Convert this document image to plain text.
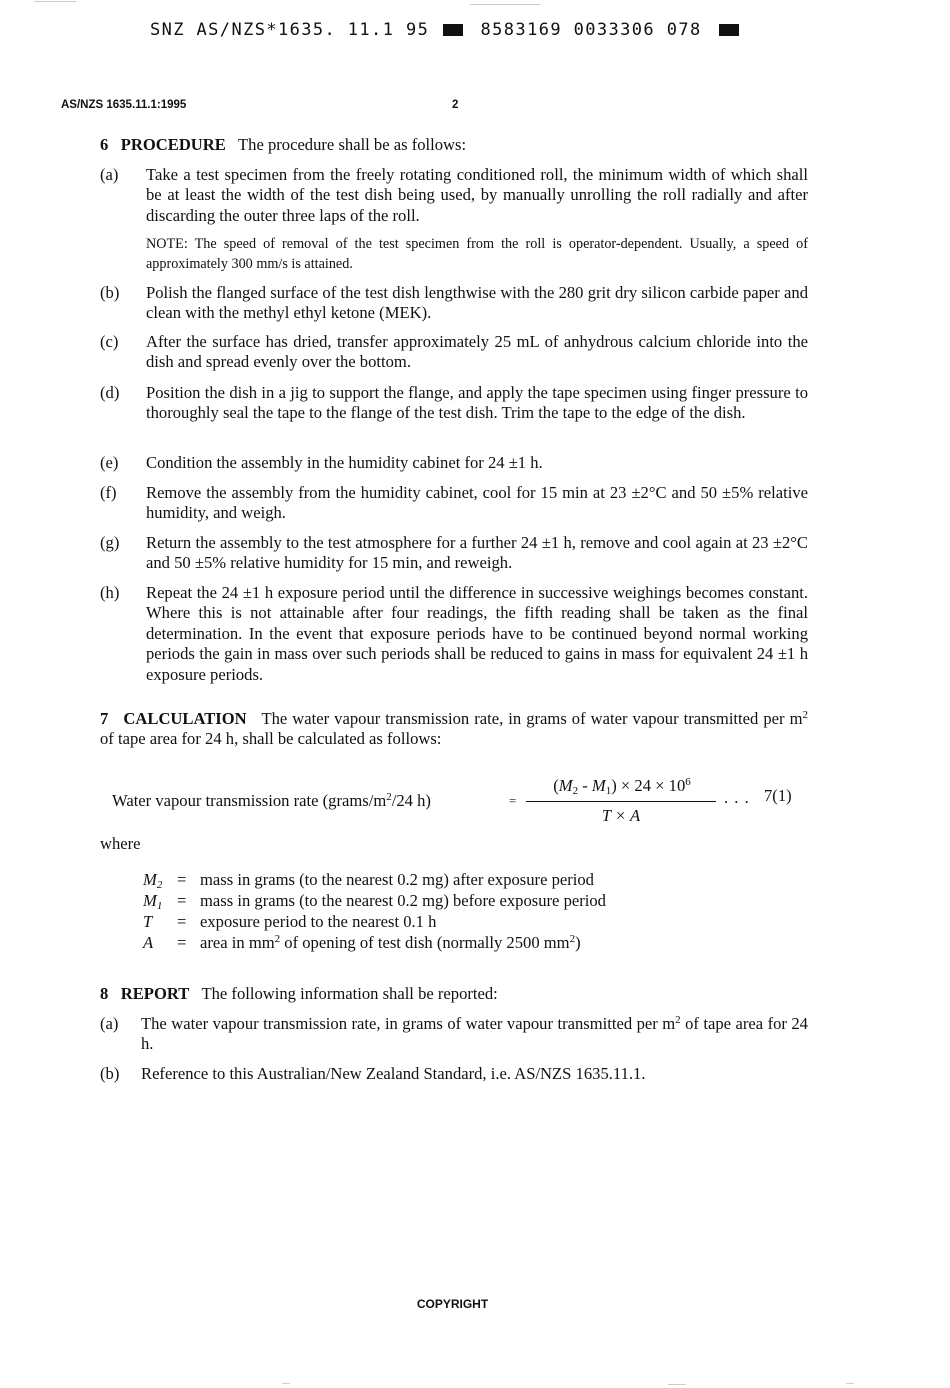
SNZ AS/NZS*1635. 11.1 95	8583169 0033306 078
AS/NZS 1635.11.1:1995	2
6 PROCEDURE The procedure shall be as follows:
(a) Take a test specimen from the freely rotating conditioned roll, the minimum width of which shall be at least the width of the test dish being used, by manually unrolling the roll radially and after discarding the outer three laps of the roll.
NOTE: The speed of removal of the test specimen from the roll is operator-dependent. Usually, a speed of approximately 300 mm/s is attained.
(b) Polish the flanged surface of the test dish lengthwise with the 280 grit dry silicon carbide paper and clean with the methyl ethyl ketone (MEK).
(c) After the surface has dried, transfer approximately 25 mL of anhydrous calcium chloride into the dish and spread evenly over the bottom.
(d) Position the dish in a jig to support the flange, and apply the tape specimen using finger pressure to thoroughly seal the tape to the flange of the test dish. Trim the tape to the edge of the dish.
(e) Condition the assembly in the humidity cabinet for 24 ±1 h.
(f) Remove the assembly from the humidity cabinet, cool for 15 min at 23 ±2°C and 50 ±5% relative humidity, and weigh.
(g) Return the assembly to the test atmosphere for a further 24 ±1 h, remove and cool again at 23 ±2°C and 50 ±5% relative humidity for 15 min, and reweigh.
(h) Repeat the 24 ±1 h exposure period until the difference in successive weighings becomes constant. Where this is not attainable after four readings, the fifth reading shall be taken as the final determination. In the event that exposure periods have to be continued beyond normal working periods the gain in mass over such periods shall be reduced to gains in mass for equivalent 24 ±1 h exposure periods.
7 CALCULATION The water vapour transmission rate, in grams of water vapour transmitted per $m^2$ of tape area for 24 h, shall be calculated as follows:
Water vapour transmission rate ($grams/m^2/24$ h)	=
$(M_2 - M_1) \times 24 \times 10^6$
T × A
. . . 7(1)
where
$M_2$ = mass in grams (to the nearest 0.2 mg) after exposure period
$M_1$ = mass in grams (to the nearest 0.2 mg) before exposure period
T = exposure period to the nearest 0.1 h
A = area in $mm^2$ of opening of test dish (normally 2500 $mm^2$)
8 REPORT The following information shall be reported:
(a) The water vapour transmission rate, in grams of water vapour transmitted per $m^2$ of tape area for 24 h.
(b) Reference to this Australian/New Zealand Standard, i.e. AS/NZS 1635.11.1.
COPYRIGHT
